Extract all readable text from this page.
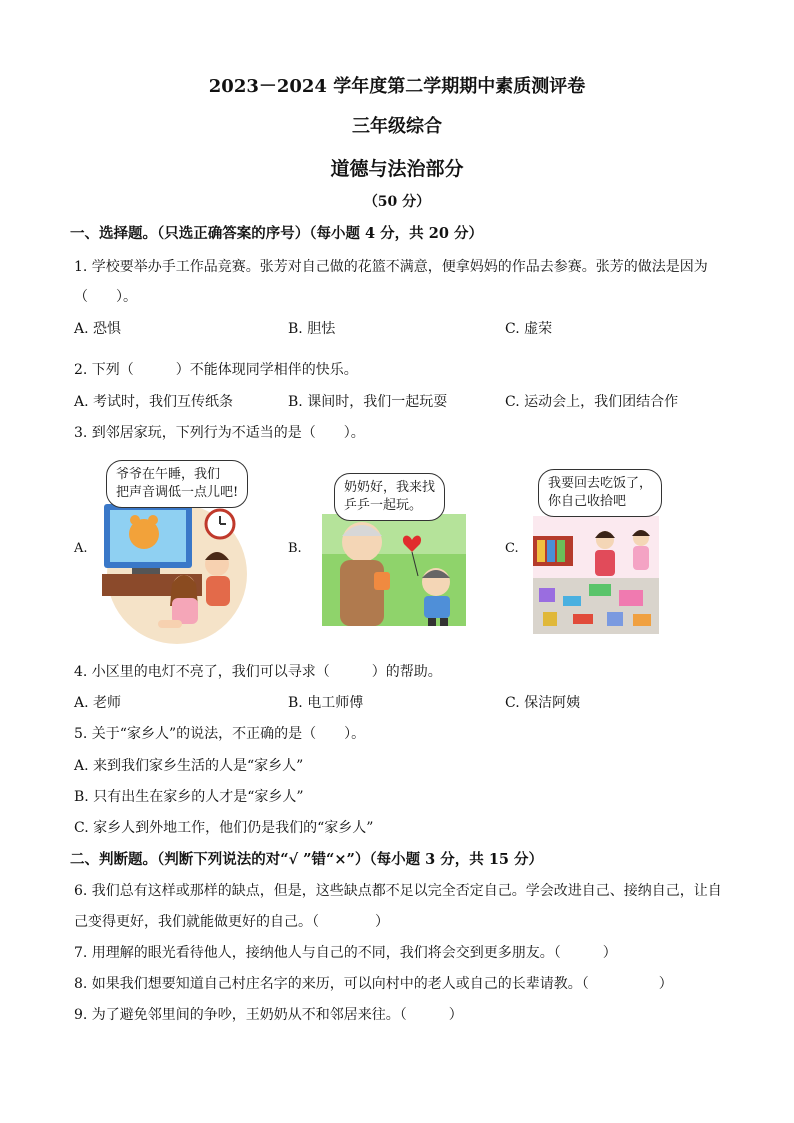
2023－2024 学年度第二学期期中素质测评卷
三年级综合
道德与法治部分
（50 分）
一、选择题。（只选正确答案的序号）（每小题 4 分，共 20 分）
1. 学校要举办手工作品竞赛。张芳对自己做的花篮不满意，便拿妈妈的作品去参赛。张芳的做法是因为
（　　）。
A. 恐惧	B. 胆怯	C. 虚荣
2. 下列（　　　）不能体现同学相伴的快乐。
A. 考试时，我们互传纸条	B. 课间时，我们一起玩耍	C. 运动会上，我们团结合作
3. 到邻居家玩，下列行为不适当的是（　　）。
A.	B.	C.
爷爷在午睡，我们
把声音调低一点儿吧!	奶奶好，我来找
乒乒一起玩。
我要回去吃饭了，
你自己收拾吧
4. 小区里的电灯不亮了，我们可以寻求（　　　）的帮助。
A. 老师	B. 电工师傅	C. 保洁阿姨
5. 关于“家乡人”的说法，不正确的是（　　）。
A. 来到我们家乡生活的人是“家乡人”
B. 只有出生在家乡的人才是“家乡人”
C. 家乡人到外地工作，他们仍是我们的“家乡人”
二、判断题。（判断下列说法的对“√ ”错“×”）（每小题 3 分，共 15 分）
6. 我们总有这样或那样的缺点，但是，这些缺点都不足以完全否定自己。学会改进自己、接纳自己，让自
己变得更好，我们就能做更好的自己。（　　　　）
7. 用理解的眼光看待他人，接纳他人与自己的不同，我们将会交到更多朋友。（　　　）
8. 如果我们想要知道自己村庄名字的来历，可以向村中的老人或自己的长辈请教。（　　　　　）
9. 为了避免邻里间的争吵，王奶奶从不和邻居来往。（　　　）
